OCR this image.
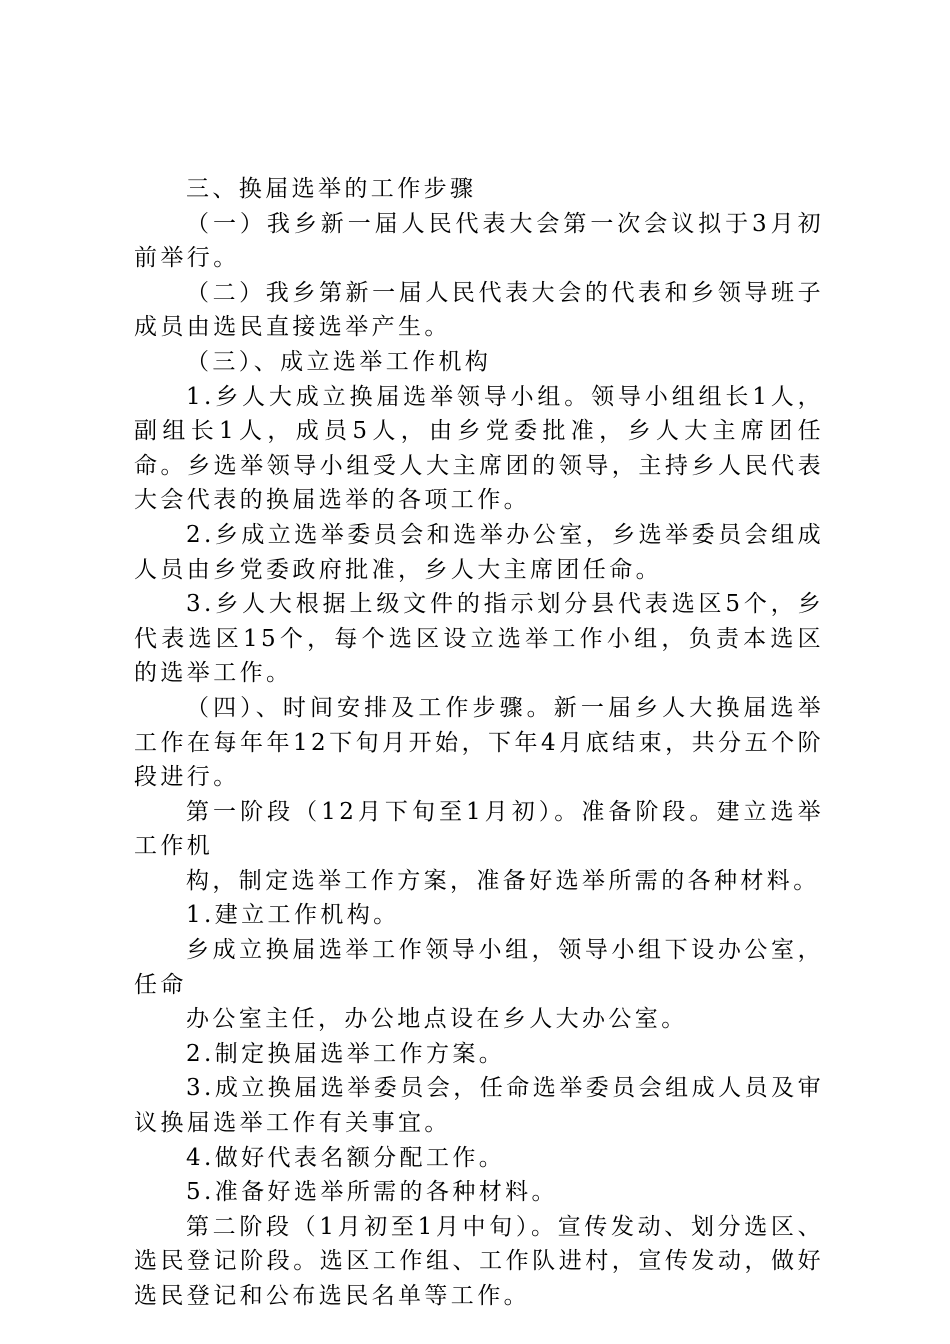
三、换届选举的工作步骤

（一）我乡新一届人民代表大会第一次会议拟于3月初前举行。

（二）我乡第新一届人民代表大会的代表和乡领导班子成员由选民直接选举产生。

（三）、成立选举工作机构

1.乡人大成立换届选举领导小组。领导小组组长1人，副组长1人，成员5人，由乡党委批准，乡人大主席团任命。乡选举领导小组受人大主席团的领导，主持乡人民代表大会代表的换届选举的各项工作。

2.乡成立选举委员会和选举办公室，乡选举委员会组成人员由乡党委政府批准，乡人大主席团任命。

3.乡人大根据上级文件的指示划分县代表选区5个，乡代表选区15个，每个选区设立选举工作小组，负责本选区的选举工作。

（四）、时间安排及工作步骤。新一届乡人大换届选举工作在每年年12下旬月开始，下年4月底结束，共分五个阶段进行。

第一阶段（12月下旬至1月初）。准备阶段。建立选举工作机

构，制定选举工作方案，准备好选举所需的各种材料。

1.建立工作机构。

乡成立换届选举工作领导小组，领导小组下设办公室，任命

办公室主任，办公地点设在乡人大办公室。

2.制定换届选举工作方案。

3.成立换届选举委员会，任命选举委员会组成人员及审议换届选举工作有关事宜。

4.做好代表名额分配工作。

5.准备好选举所需的各种材料。

第二阶段（1月初至1月中旬）。宣传发动、划分选区、选民登记阶段。选区工作组、工作队进村，宣传发动，做好选民登记和公布选民名单等工作。
